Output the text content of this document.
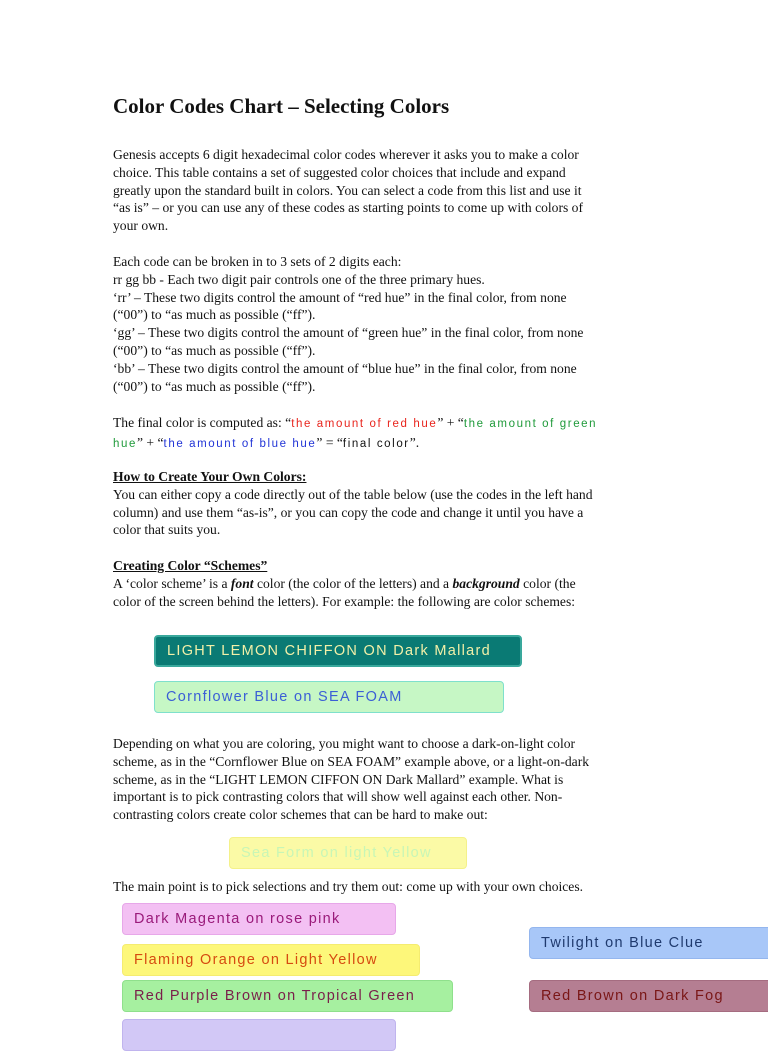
Color Codes Chart – Selecting Colors
Genesis accepts 6 digit hexadecimal color codes wherever it asks you to make a color
choice. This table contains a set of suggested color choices that include and expand
greatly upon the standard built in colors. You can select a code from this list and use it
“as is” – or you can use any of these codes as starting points to come up with colors of
your own.
Each code can be broken in to 3 sets of 2 digits each:
rr gg bb - Each two digit pair controls one of the three primary hues.
‘rr’ – These two digits control the amount of “red hue” in the final color, from none
(“00”) to “as much as possible (“ff”).
‘gg’ – These two digits control the amount of “green hue” in the final color, from none
(“00”) to “as much as possible (“ff”).
‘bb’ – These two digits control the amount of “blue hue” in the final color, from none
(“00”) to “as much as possible (“ff”).
The final color is computed as: “the amount of red hue” + “the amount of green
hue” + “the amount of blue hue” = “final color”.
How to Create Your Own Colors:
You can either copy a code directly out of the table below (use the codes in the left hand
column) and use them “as-is”, or you can copy the code and change it until you have a
color that suits you.
Creating Color “Schemes”
A ‘color scheme’ is a font color (the color of the letters) and a background color (the
color of the screen behind the letters). For example: the following are color schemes:
LIGHT LEMON CHIFFON ON Dark Mallard
Cornflower Blue on SEA FOAM
Depending on what you are coloring, you might want to choose a dark-on-light color
scheme, as in the “Cornflower Blue on SEA FOAM” example above, or a light-on-dark
scheme, as in the “LIGHT LEMON CIFFON ON Dark Mallard” example. What is
important is to pick contrasting colors that will show well against each other. Non-
contrasting colors create color schemes that can be hard to make out:
Sea Form on light Yellow
The main point is to pick selections and try them out: come up with your own choices.
Dark Magenta on rose pink
Flaming Orange on Light Yellow
Red Purple Brown on Tropical Green
Twilight on Blue Clue
Red Brown on Dark Fog
